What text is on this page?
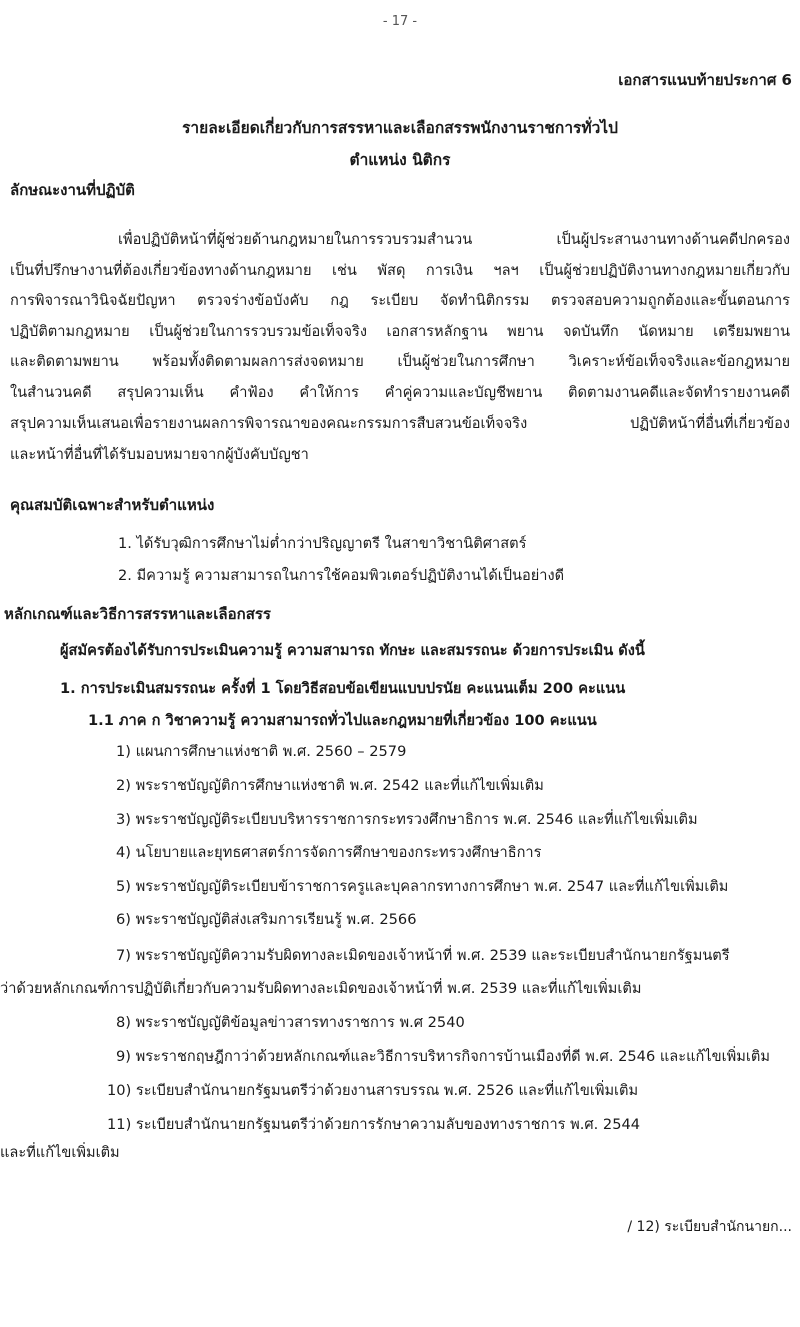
- 17 -
เอกสารแนบท้ายประกาศ 6
รายละเอียดเกี่ยวกับการสรรหาและเลือกสรรพนักงานราชการทั่วไป
ตำแหน่ง นิติกร
ลักษณะงานที่ปฏิบัติ
เพื่อปฏิบัติหน้าที่ผู้ช่วยด้านกฎหมายในการรวบรวมสำนวน เป็นผู้ประสานงานทางด้านคดีปกครอง
เป็นที่ปรึกษางานที่ต้องเกี่ยวข้องทางด้านกฎหมาย เช่น พัสดุ การเงิน ฯลฯ เป็นผู้ช่วยปฏิบัติงานทางกฎหมายเกี่ยวกับ
การพิจารณาวินิจฉัยปัญหา ตรวจร่างข้อบังคับ กฎ ระเบียบ จัดทำนิติกรรม ตรวจสอบความถูกต้องและขั้นตอนการ
ปฏิบัติตามกฎหมาย เป็นผู้ช่วยในการรวบรวมข้อเท็จจริง เอกสารหลักฐาน พยาน จดบันทึก นัดหมาย เตรียมพยาน
และติดตามพยาน พร้อมทั้งติดตามผลการส่งจดหมาย เป็นผู้ช่วยในการศึกษา วิเคราะห์ข้อเท็จจริงและข้อกฎหมาย
ในสำนวนคดี สรุปความเห็น คำฟ้อง คำให้การ คำคู่ความและบัญชีพยาน ติดตามงานคดีและจัดทำรายงานคดี
สรุปความเห็นเสนอเพื่อรายงานผลการพิจารณาของคณะกรรมการสืบสวนข้อเท็จจริง ปฏิบัติหน้าที่อื่นที่เกี่ยวข้อง
และหน้าที่อื่นที่ได้รับมอบหมายจากผู้บังคับบัญชา
คุณสมบัติเฉพาะสำหรับตำแหน่ง
1. ได้รับวุฒิการศึกษาไม่ต่ำกว่าปริญญาตรี ในสาขาวิชานิติศาสตร์
2. มีความรู้ ความสามารถในการใช้คอมพิวเตอร์ปฏิบัติงานได้เป็นอย่างดี
หลักเกณฑ์และวิธีการสรรหาและเลือกสรร
ผู้สมัครต้องได้รับการประเมินความรู้ ความสามารถ ทักษะ และสมรรถนะ ด้วยการประเมิน ดังนี้
1. การประเมินสมรรถนะ ครั้งที่ 1 โดยวิธีสอบข้อเขียนแบบปรนัย คะแนนเต็ม 200 คะแนน
1.1 ภาค ก วิชาความรู้ ความสามารถทั่วไปและกฎหมายที่เกี่ยวข้อง 100 คะแนน
1) แผนการศึกษาแห่งชาติ พ.ศ. 2560 – 2579
2) พระราชบัญญัติการศึกษาแห่งชาติ พ.ศ. 2542 และที่แก้ไขเพิ่มเติม
3) พระราชบัญญัติระเบียบบริหารราชการกระทรวงศึกษาธิการ พ.ศ. 2546 และที่แก้ไขเพิ่มเติม
4) นโยบายและยุทธศาสตร์การจัดการศึกษาของกระทรวงศึกษาธิการ
5) พระราชบัญญัติระเบียบข้าราชการครูและบุคลากรทางการศึกษา พ.ศ. 2547 และที่แก้ไขเพิ่มเติม
6) พระราชบัญญัติส่งเสริมการเรียนรู้ พ.ศ. 2566
7) พระราชบัญญัติความรับผิดทางละเมิดของเจ้าหน้าที่ พ.ศ. 2539 และระเบียบสำนักนายกรัฐมนตรี
ว่าด้วยหลักเกณฑ์การปฏิบัติเกี่ยวกับความรับผิดทางละเมิดของเจ้าหน้าที่ พ.ศ. 2539 และที่แก้ไขเพิ่มเติม
8) พระราชบัญญัติข้อมูลข่าวสารทางราชการ พ.ศ 2540
9) พระราชกฤษฎีกาว่าด้วยหลักเกณฑ์และวิธีการบริหารกิจการบ้านเมืองที่ดี พ.ศ. 2546 และแก้ไขเพิ่มเติม
10) ระเบียบสำนักนายกรัฐมนตรีว่าด้วยงานสารบรรณ พ.ศ. 2526 และที่แก้ไขเพิ่มเติม
11) ระเบียบสำนักนายกรัฐมนตรีว่าด้วยการรักษาความลับของทางราชการ พ.ศ. 2544
และที่แก้ไขเพิ่มเติม
/ 12) ระเบียบสำนักนายก...
